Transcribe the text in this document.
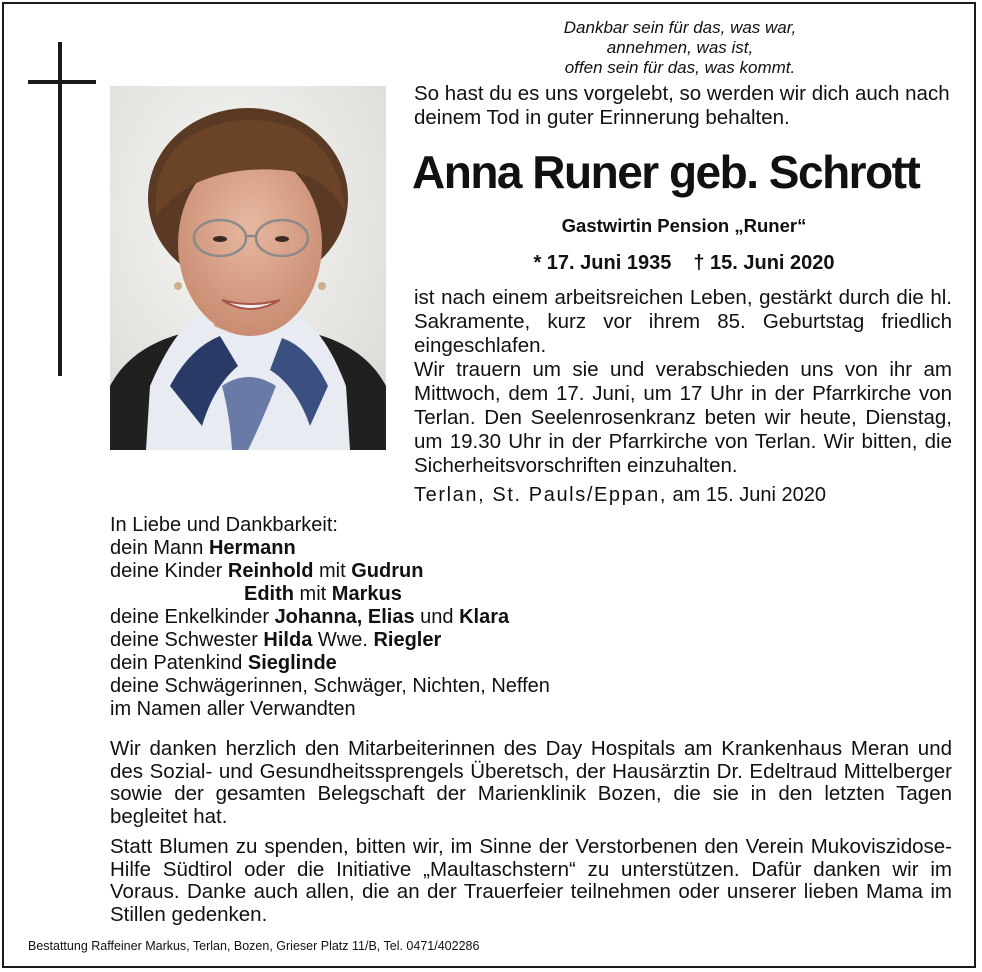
Dankbar sein für das, was war,
annehmen, was ist,
offen sein für das, was kommt.
So hast du es uns vorgelebt, so werden wir dich auch nach deinem Tod in guter Erinnerung behalten.
Anna Runer geb. Schrott
Gastwirtin Pension „Runer“
* 17. Juni 1935 † 15. Juni 2020

ist nach einem arbeitsreichen Leben, gestärkt durch die hl. Sakramente, kurz vor ihrem 85. Geburtstag friedlich eingeschlafen.

Wir trauern um sie und verabschieden uns von ihr am Mittwoch, dem 17. Juni, um 17 Uhr in der Pfarrkirche von Terlan. Den Seelenrosenkranz beten wir heute, Dienstag, um 19.30 Uhr in der Pfarrkirche von Terlan. Wir bitten, die Sicherheitsvorschriften einzuhalten.

Terlan, St. Pauls/Eppan, am 15. Juni 2020
In Liebe und Dankbarkeit:
dein Mann Hermann
deine Kinder Reinhold mit Gudrun
Edith mit Markus
deine Enkelkinder Johanna, Elias und Klara
deine Schwester Hilda Wwe. Riegler
dein Patenkind Sieglinde
deine Schwägerinnen, Schwäger, Nichten, Neffen
im Namen aller Verwandten

Wir danken herzlich den Mitarbeiterinnen des Day Hospitals am Krankenhaus Meran und des Sozial- und Gesundheitssprengels Überetsch, der Hausärztin Dr. Edeltraud Mittelberger sowie der gesamten Belegschaft der Marienklinik Bozen, die sie in den letzten Tagen begleitet hat.

Statt Blumen zu spenden, bitten wir, im Sinne der Verstorbenen den Verein Mukoviszidose-Hilfe Südtirol oder die Initiative „Maultaschstern“ zu unterstützen. Dafür danken wir im Voraus. Danke auch allen, die an der Trauerfeier teilnehmen oder unserer lieben Mama im Stillen gedenken.

Bestattung Raffeiner Markus, Terlan, Bozen, Grieser Platz 11/B, Tel. 0471/402286
